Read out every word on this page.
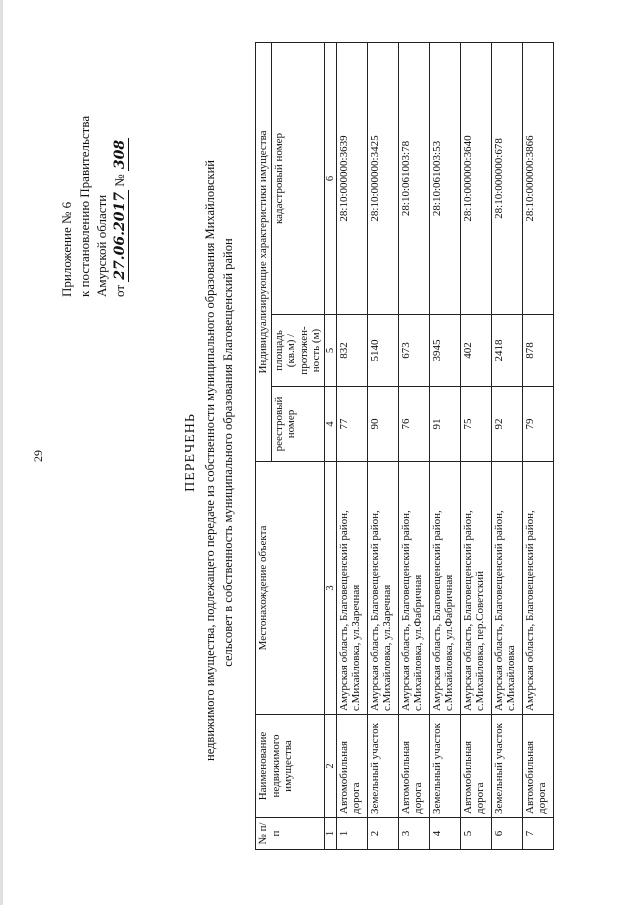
29
Приложение № 6 к постановлению Правительства Амурской области от 27.06.2017 № 308
ПЕРЕЧЕНЬ недвижимого имущества, подлежащего передаче из собственности муниципального образования Михайловский сельсовет в собственность муниципального образования Благовещенский район
№ п/п	Наименование недвижимого имущества	Местонахождение объекта	Индивидуализирующие характеристики имущества		
			реестровый номер	площадь (кв.м) / протяжен-ность (м)	кадастровый номер
1	2	3	4	5	6
1	Автомобильная дорога	Амурская область, Благовещенский район, с.Михайловка, ул.Заречная	77	832	28:10:000000:3639
2	Земельный участок	Амурская область, Благовещенский район, с.Михайловка, ул.Заречная	90	5140	28:10:000000:3425
3	Автомобильная дорога	Амурская область, Благовещенский район, с.Михайловка, ул.Фабричная	76	673	28:10:061003:78
4	Земельный участок	Амурская область, Благовещенский район, с.Михайловка, ул.Фабричная	91	3945	28:10:061003:53
5	Автомобильная дорога	Амурская область, Благовещенский район, с.Михайловка, пер.Советский	75	402	28:10:000000:3640
6	Земельный участок	Амурская область, Благовещенский район, с.Михайловка	92	2418	28:10:000000:678
7	Автомобильная дорога	Амурская область, Благовещенский район,	79	878	28:10:000000:3866
